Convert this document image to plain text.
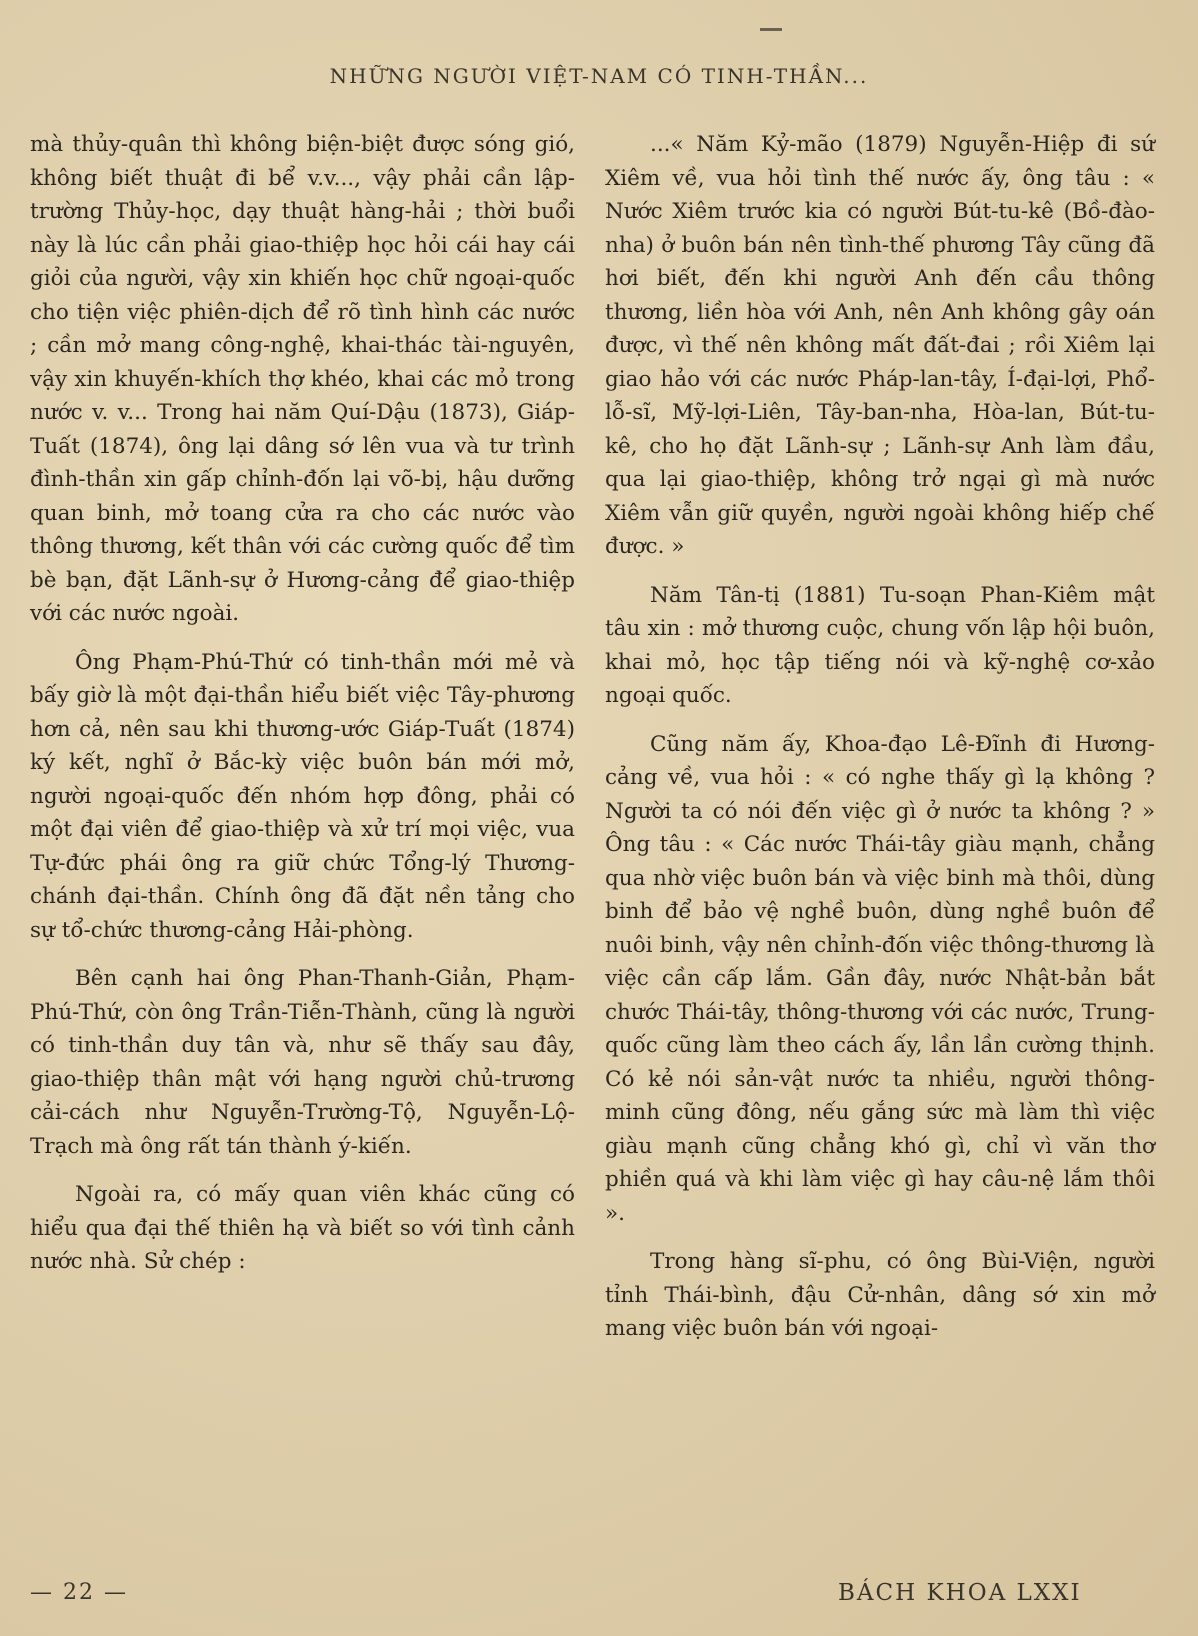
NHỮNG NGƯỜI VIỆT-NAM CÓ TINH-THẦN...

mà thủy-quân thì không biện-biệt được sóng gió, không biết thuật đi bể v.v..., vậy phải cần lập-trường Thủy-học, dạy thuật hàng-hải ; thời buổi này là lúc cần phải giao-thiệp học hỏi cái hay cái giỏi của người, vậy xin khiến học chữ ngoại-quốc cho tiện việc phiên-dịch để rõ tình hình các nước ; cần mở mang công-nghệ, khai-thác tài-nguyên, vậy xin khuyến-khích thợ khéo, khai các mỏ trong nước v. v... Trong hai năm Quí-Dậu (1873), Giáp-Tuất (1874), ông lại dâng sớ lên vua và tư trình đình-thần xin gấp chỉnh-đốn lại võ-bị, hậu dưỡng quan binh, mở toang cửa ra cho các nước vào thông thương, kết thân với các cường quốc để tìm bè bạn, đặt Lãnh-sự ở Hương-cảng để giao-thiệp với các nước ngoài.

Ông Phạm-Phú-Thứ có tinh-thần mới mẻ và bấy giờ là một đại-thần hiểu biết việc Tây-phương hơn cả, nên sau khi thương-ước Giáp-Tuất (1874) ký kết, nghĩ ở Bắc-kỳ việc buôn bán mới mở, người ngoại-quốc đến nhóm hợp đông, phải có một đại viên để giao-thiệp và xử trí mọi việc, vua Tự-đức phái ông ra giữ chức Tổng-lý Thương-chánh đại-thần. Chính ông đã đặt nền tảng cho sự tổ-chức thương-cảng Hải-phòng.

Bên cạnh hai ông Phan-Thanh-Giản, Phạm-Phú-Thứ, còn ông Trần-Tiễn-Thành, cũng là người có tinh-thần duy tân và, như sẽ thấy sau đây, giao-thiệp thân mật với hạng người chủ-trương cải-cách như Nguyễn-Trường-Tộ, Nguyễn-Lộ-Trạch mà ông rất tán thành ý-kiến.

Ngoài ra, có mấy quan viên khác cũng có hiểu qua đại thế thiên hạ và biết so với tình cảnh nước nhà. Sử chép :

...« Năm Kỷ-mão (1879) Nguyễn-Hiệp đi sứ Xiêm về, vua hỏi tình thế nước ấy, ông tâu : « Nước Xiêm trước kia có người Bút-tu-kê (Bồ-đào-nha) ở buôn bán nên tình-thế phương Tây cũng đã hơi biết, đến khi người Anh đến cầu thông thương, liền hòa với Anh, nên Anh không gây oán được, vì thế nên không mất đất-đai ; rồi Xiêm lại giao hảo với các nước Pháp-lan-tây, Í-đại-lợi, Phổ-lỗ-sĩ, Mỹ-lợi-Liên, Tây-ban-nha, Hòa-lan, Bút-tu-kê, cho họ đặt Lãnh-sự ; Lãnh-sự Anh làm đầu, qua lại giao-thiệp, không trở ngại gì mà nước Xiêm vẫn giữ quyền, người ngoài không hiếp chế được. »

Năm Tân-tị (1881) Tu-soạn Phan-Kiêm mật tâu xin : mở thương cuộc, chung vốn lập hội buôn, khai mỏ, học tập tiếng nói và kỹ-nghệ cơ-xảo ngoại quốc.

Cũng năm ấy, Khoa-đạo Lê-Đĩnh đi Hương-cảng về, vua hỏi : « có nghe thấy gì lạ không ? Người ta có nói đến việc gì ở nước ta không ? » Ông tâu : « Các nước Thái-tây giàu mạnh, chẳng qua nhờ việc buôn bán và việc binh mà thôi, dùng binh để bảo vệ nghề buôn, dùng nghề buôn để nuôi binh, vậy nên chỉnh-đốn việc thông-thương là việc cần cấp lắm. Gần đây, nước Nhật-bản bắt chước Thái-tây, thông-thương với các nước, Trung-quốc cũng làm theo cách ấy, lần lần cường thịnh. Có kẻ nói sản-vật nước ta nhiều, người thông-minh cũng đông, nếu gắng sức mà làm thì việc giàu mạnh cũng chẳng khó gì, chỉ vì văn thơ phiền quá và khi làm việc gì hay câu-nệ lắm thôi ».

Trong hàng sĩ-phu, có ông Bùi-Viện, người tỉnh Thái-bình, đậu Cử-nhân, dâng sớ xin mở mang việc buôn bán với ngoại-

— 22 —	BÁCH KHOA LXXI
